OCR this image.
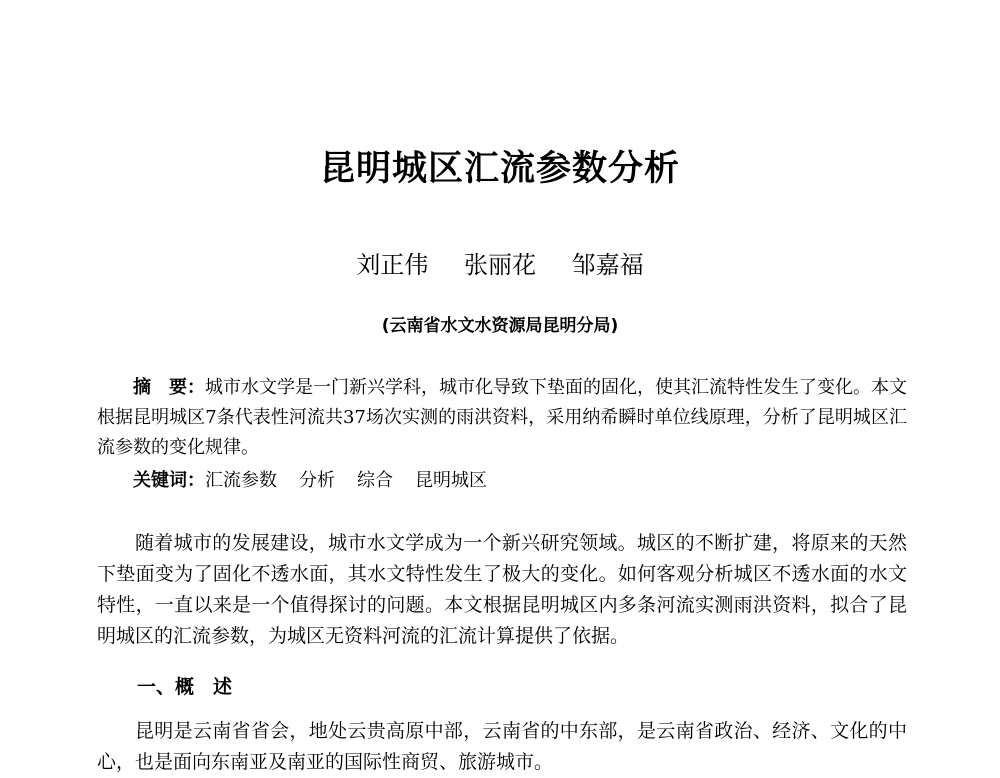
昆明城区汇流参数分析
刘正伟 张丽花 邹嘉福
(云南省水文水资源局昆明分局)
摘　要：城市水文学是一门新兴学科，城市化导致下垫面的固化，使其汇流特性发生了变化。本文根据昆明城区7条代表性河流共37场次实测的雨洪资料，采用纳希瞬时单位线原理，分析了昆明城区汇流参数的变化规律。
关键词：汇流参数 分析 综合 昆明城区
随着城市的发展建设，城市水文学成为一个新兴研究领域。城区的不断扩建，将原来的天然下垫面变为了固化不透水面，其水文特性发生了极大的变化。如何客观分析城区不透水面的水文特性，一直以来是一个值得探讨的问题。本文根据昆明城区内多条河流实测雨洪资料，拟合了昆明城区的汇流参数，为城区无资料河流的汇流计算提供了依据。
一、概　述
昆明是云南省省会，地处云贵高原中部，云南省的中东部，是云南省政治、经济、文化的中心，也是面向东南亚及南亚的国际性商贸、旅游城市。
